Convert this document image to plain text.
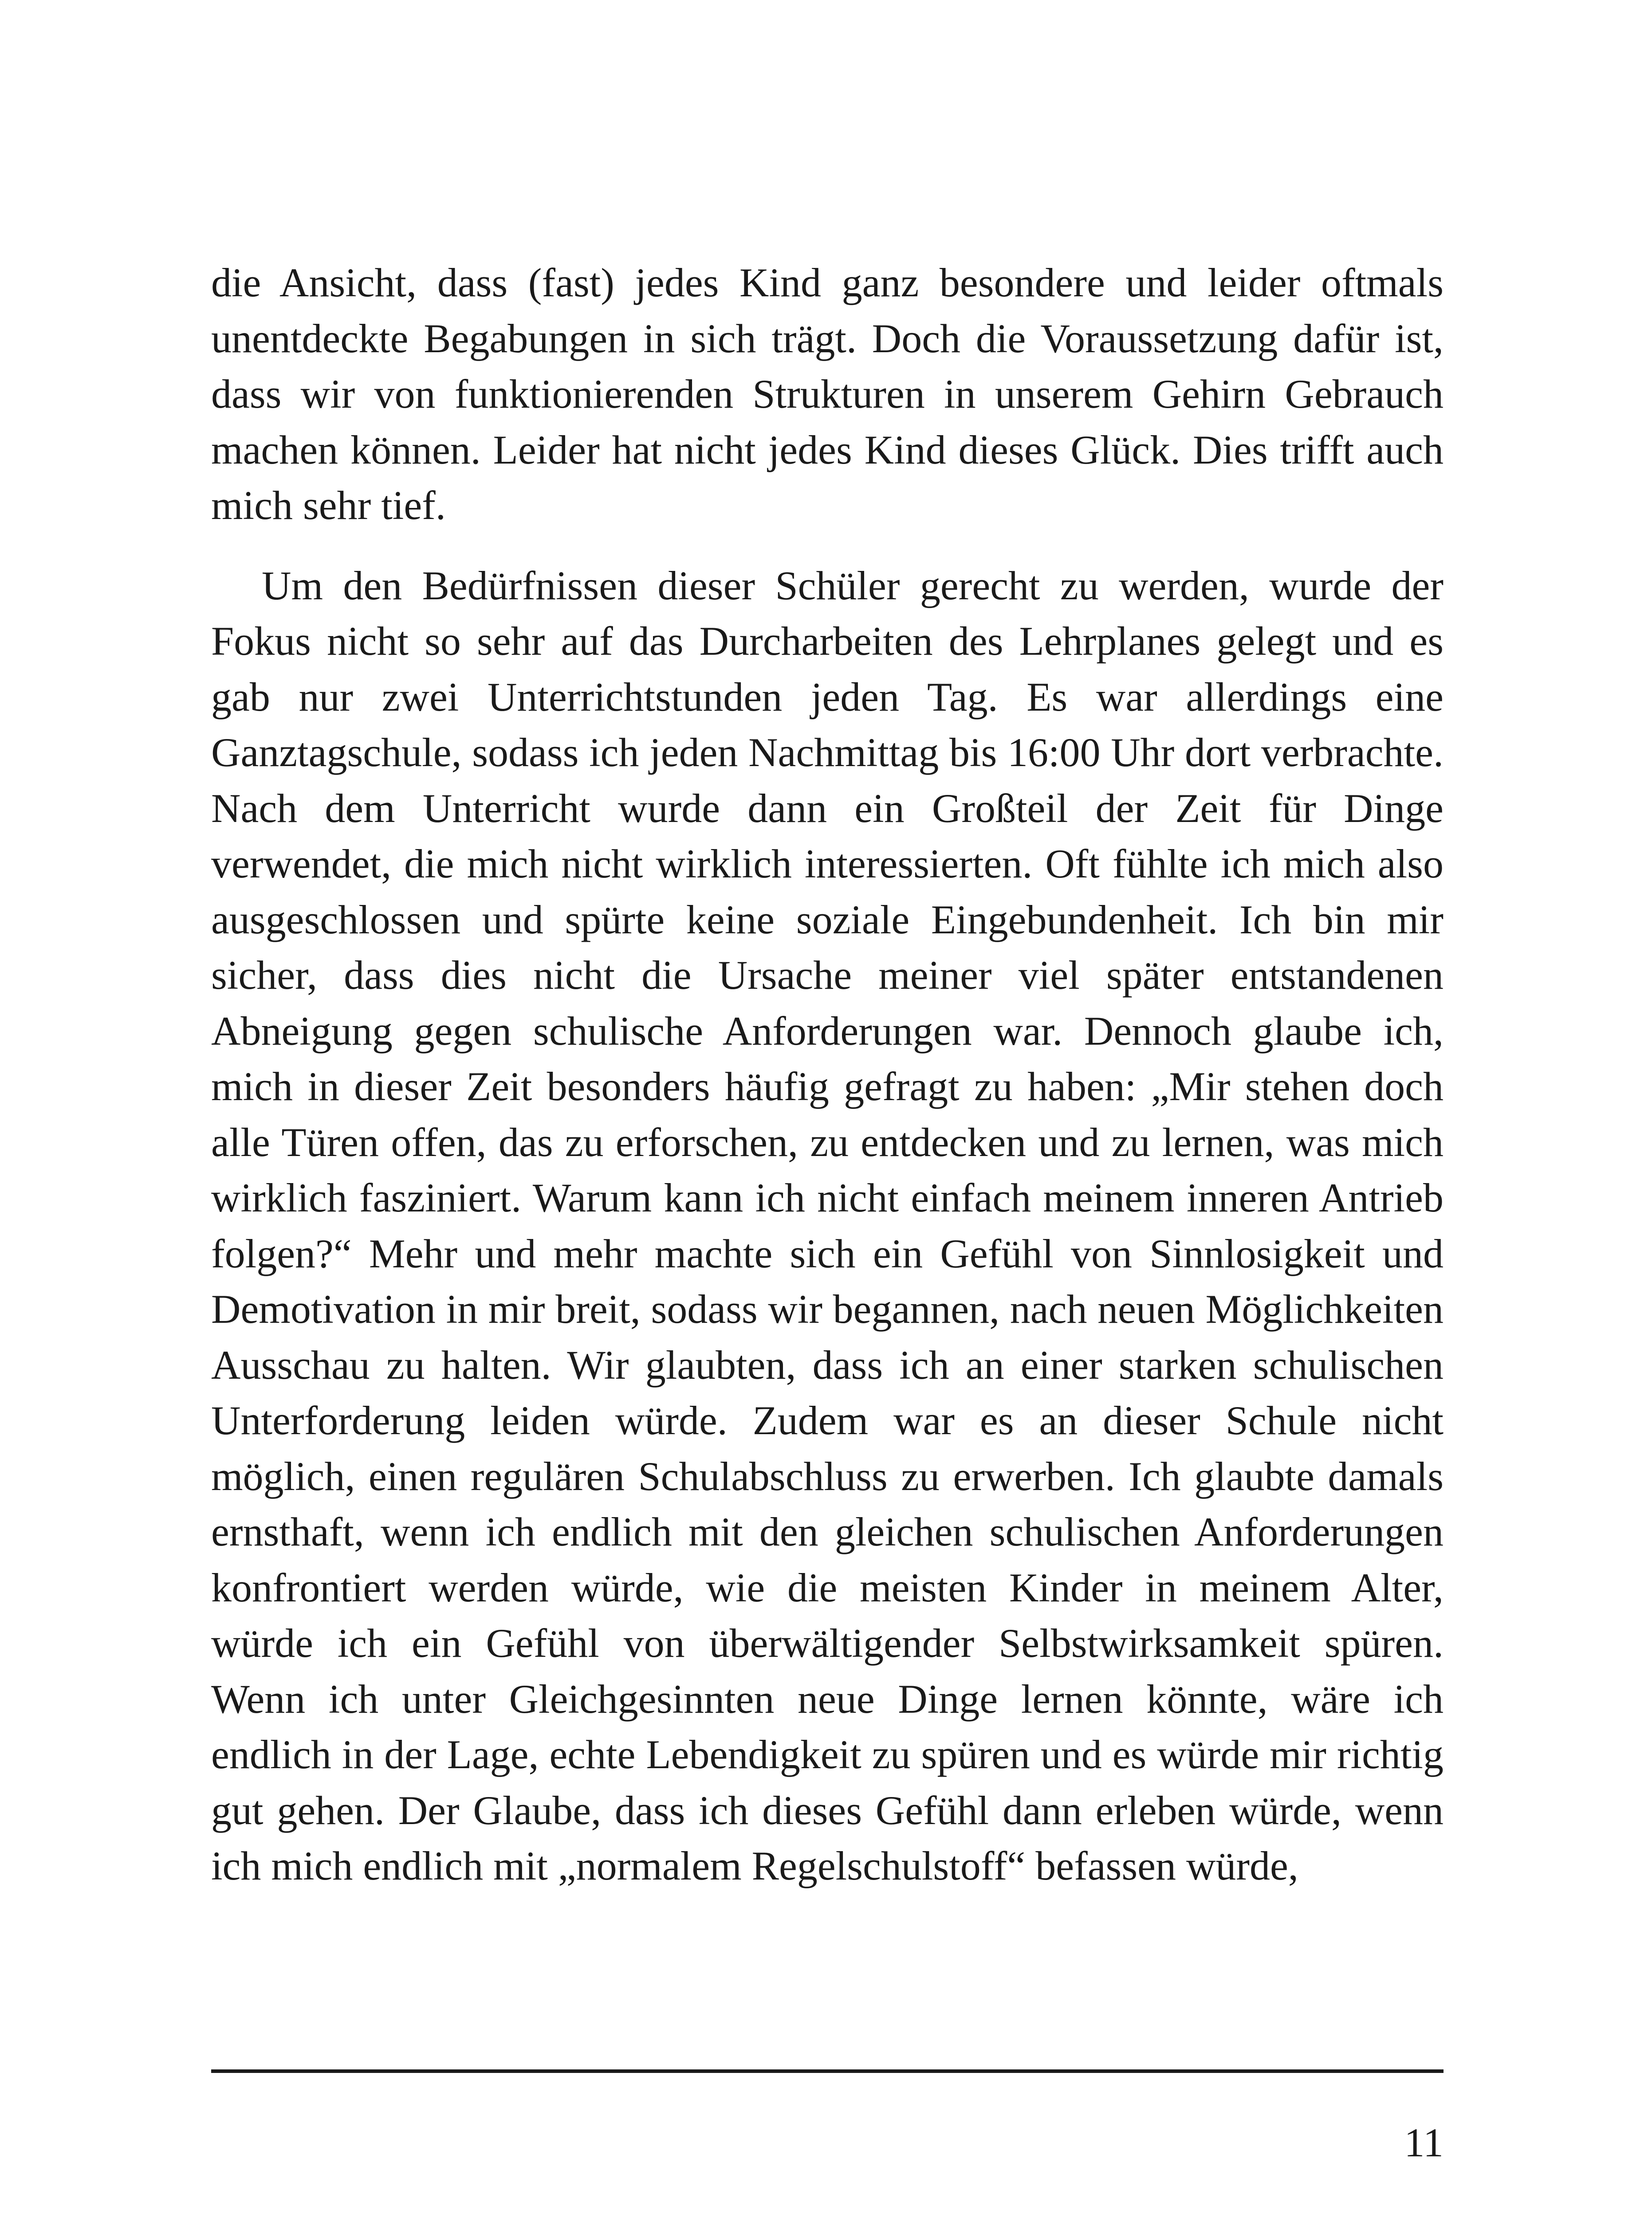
die Ansicht, dass (fast) jedes Kind ganz besondere und leider oftmals unentdeckte Begabungen in sich trägt. Doch die Voraussetzung dafür ist, dass wir von funktionierenden Strukturen in unserem Gehirn Gebrauch machen können. Leider hat nicht jedes Kind dieses Glück. Dies trifft auch mich sehr tief.

Um den Bedürfnissen dieser Schüler gerecht zu werden, wurde der Fokus nicht so sehr auf das Durcharbeiten des Lehrplanes gelegt und es gab nur zwei Unterrichtstunden jeden Tag. Es war allerdings eine Ganztagschule, sodass ich jeden Nachmittag bis 16:00 Uhr dort verbrachte. Nach dem Unterricht wurde dann ein Großteil der Zeit für Dinge verwendet, die mich nicht wirklich interessierten. Oft fühlte ich mich also ausgeschlossen und spürte keine soziale Eingebundenheit. Ich bin mir sicher, dass dies nicht die Ursache meiner viel später entstandenen Abneigung gegen schulische Anforderungen war. Dennoch glaube ich, mich in dieser Zeit besonders häufig gefragt zu haben: „Mir stehen doch alle Türen offen, das zu erforschen, zu entdecken und zu lernen, was mich wirklich fasziniert. Warum kann ich nicht einfach meinem inneren Antrieb folgen?“ Mehr und mehr machte sich ein Gefühl von Sinnlosigkeit und Demotivation in mir breit, sodass wir begannen, nach neuen Möglichkeiten Ausschau zu halten. Wir glaubten, dass ich an einer starken schulischen Unterforderung leiden würde. Zudem war es an dieser Schule nicht möglich, einen regulären Schulabschluss zu erwerben. Ich glaubte damals ernsthaft, wenn ich endlich mit den gleichen schulischen Anforderungen konfrontiert werden würde, wie die meisten Kinder in meinem Alter, würde ich ein Gefühl von überwältigender Selbstwirksamkeit spüren. Wenn ich unter Gleichgesinnten neue Dinge lernen könnte, wäre ich endlich in der Lage, echte Lebendigkeit zu spüren und es würde mir richtig gut gehen. Der Glaube, dass ich dieses Gefühl dann erleben würde, wenn ich mich endlich mit „normalem Regelschulstoff“ befassen würde,

11
